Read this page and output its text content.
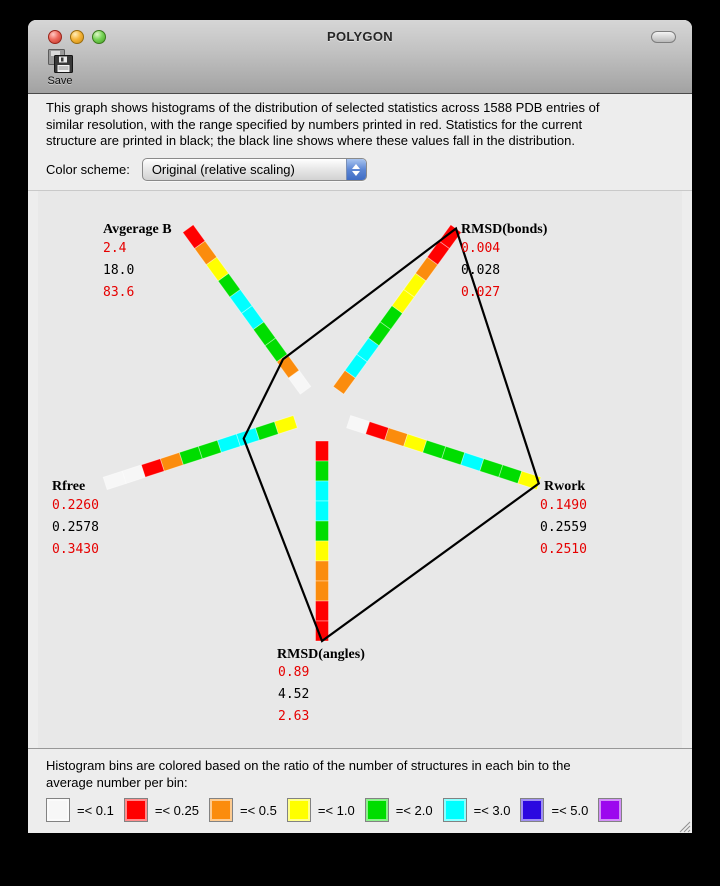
POLYGON
Save
This graph shows histograms of the distribution of selected statistics across 1588 PDB entries of
similar resolution, with the range specified by numbers printed in red. Statistics for the current
structure are printed in black; the black line shows where these values fall in the distribution.
Color scheme:	Original (relative scaling)
Avgerage B
2.4
18.0
83.6
RMSD(bonds)
0.004
0.028
0.027
Rwork
0.1490
0.2559
0.2510
RMSD(angles)
0.89
4.52
2.63
Rfree
0.2260
0.2578
0.3430
Histogram bins are colored based on the ratio of the number of structures in each bin to the
average number per bin:
=< 0.1	=< 0.25	=< 0.5	=< 1.0	=< 2.0	=< 3.0	=< 5.0
